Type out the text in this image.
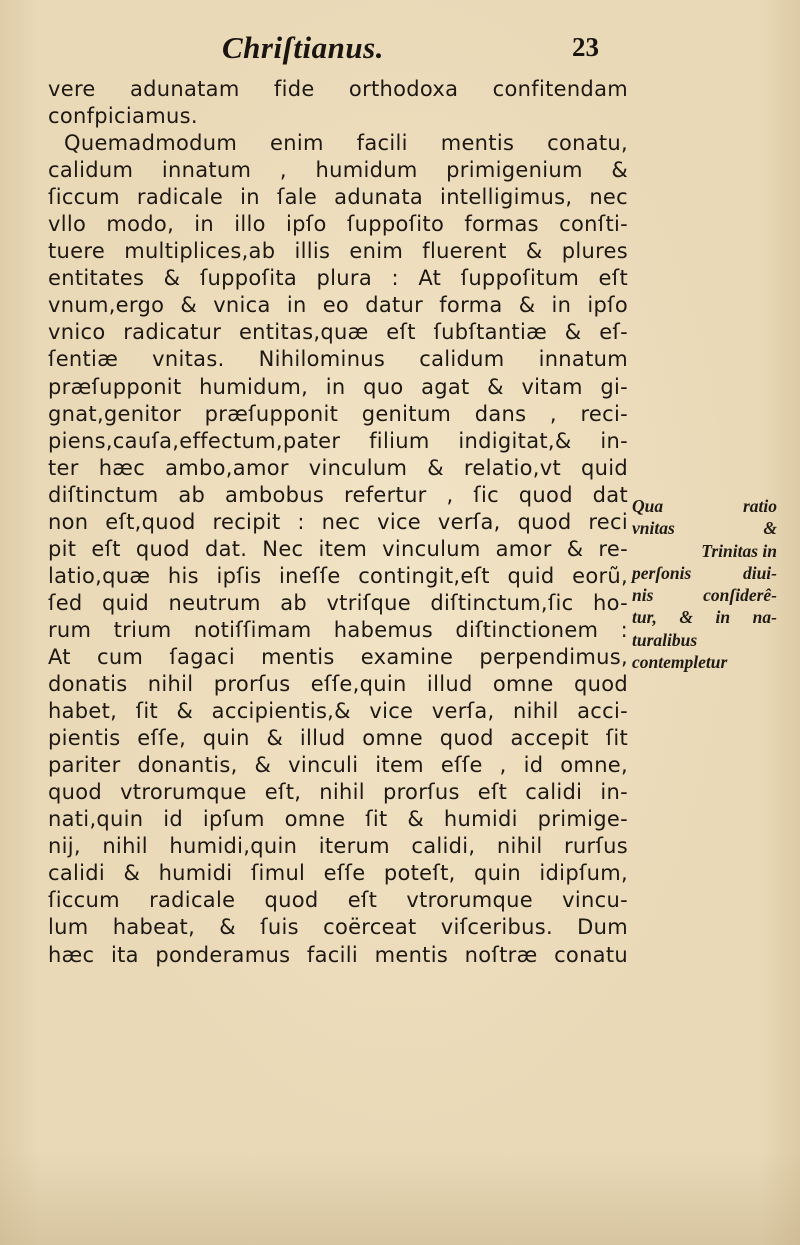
Chriſtianus.	23
vere adunatam fide orthodoxa confitendam
confpiciamus.
Quemadmodum enim facili mentis conatu,
calidum innatum , humidum primigenium &
ſiccum radicale in ſale adunata intelligimus, nec
vllo modo, in illo ipſo ſuppoſito formas conſti-
tuere multiplices,ab illis enim fluerent & plures
entitates & ſuppoſita plura : At ſuppoſitum eſt
vnum,ergo & vnica in eo datur forma & in ipſo
vnico radicatur entitas,quæ eſt ſubſtantiæ & eſ-
ſentiæ vnitas. Nihilominus calidum innatum
præſupponit humidum, in quo agat & vitam gi-
gnat,genitor præſupponit genitum dans , reci-
piens,cauſa,effectum,pater filium indigitat,& in-
ter hæc ambo,amor vinculum & relatio,vt quid
diſtinctum ab ambobus refertur , ſic quod dat
non eſt,quod recipit : nec vice verſa, quod reci
pit eſt quod dat. Nec item vinculum amor & re-
latio,quæ his ipſis ineſſe contingit,eſt quid eorũ,
ſed quid neutrum ab vtriſque diſtinctum,ſic ho-
rum trium notiſſimam habemus diſtinctionem :
At cum ſagaci mentis examine perpendimus,
donatis nihil prorſus eſſe,quin illud omne quod
habet, ſit & accipientis,& vice verſa, nihil acci-
pientis eſſe, quin & illud omne quod accepit ſit
pariter donantis, & vinculi item eſſe , id omne,
quod vtrorumque eſt, nihil prorſus eſt calidi in-
nati,quin id ipſum omne ſit & humidi primige-
nij, nihil humidi,quin iterum calidi, nihil rurſus
calidi & humidi ſimul eſſe poteſt, quin idipſum,
ſiccum radicale quod eſt vtrorumque vincu-
lum habeat, & ſuis coërceat viſceribus. Dum
hæc ita ponderamus facili mentis noſtræ conatu
Qua ratio
vnitas &
Trinitas in
perſonis diui-
nis conſiderê-
tur, & in na-
turalibus
contempletur
